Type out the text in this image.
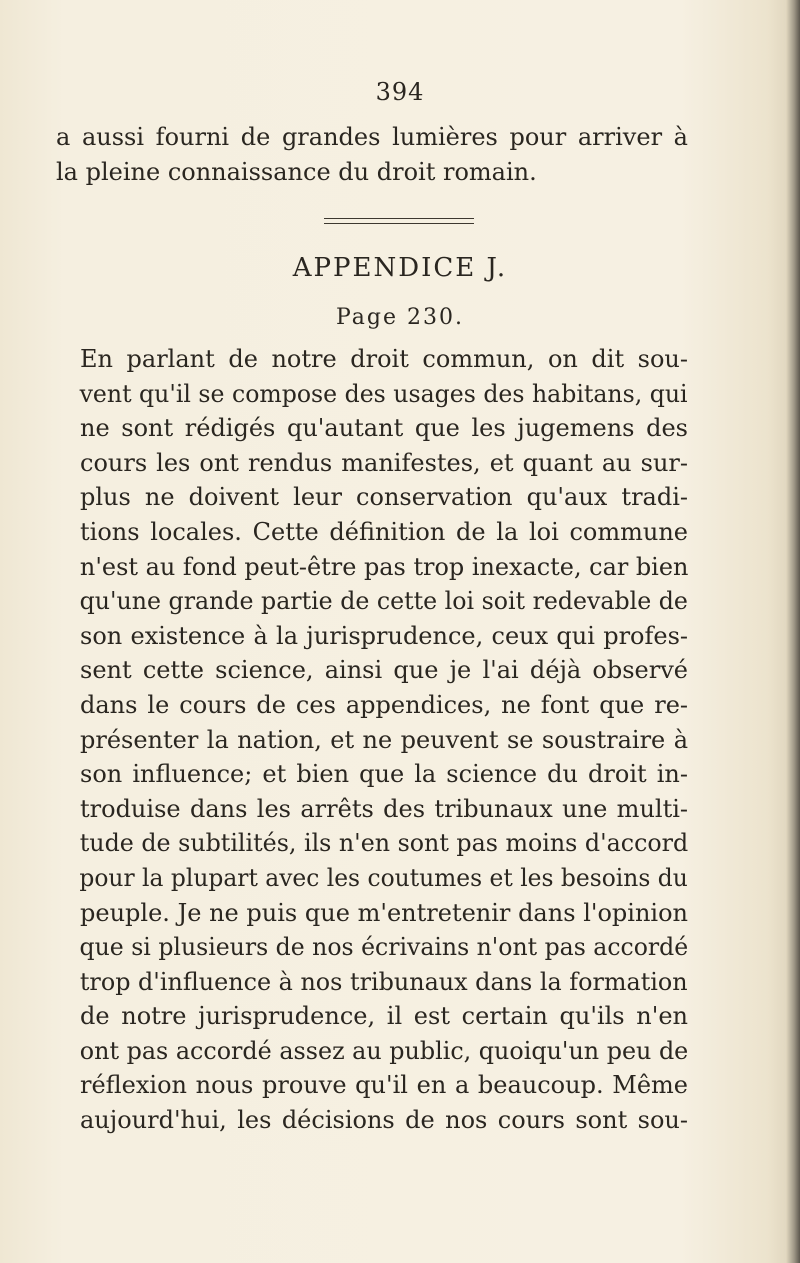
394

a aussi fourni de grandes lumières pour arriver à
la pleine connaissance du droit romain.

APPENDICE J.
Page 230.

En parlant de notre droit commun, on dit sou-
vent qu'il se compose des usages des habitans, qui
ne sont rédigés qu'autant que les jugemens des
cours les ont rendus manifestes, et quant au sur-
plus ne doivent leur conservation qu'aux tradi-
tions locales. Cette définition de la loi commune
n'est au fond peut-être pas trop inexacte, car bien
qu'une grande partie de cette loi soit redevable de
son existence à la jurisprudence, ceux qui profes-
sent cette science, ainsi que je l'ai déjà observé
dans le cours de ces appendices, ne font que re-
présenter la nation, et ne peuvent se soustraire à
son influence; et bien que la science du droit in-
troduise dans les arrêts des tribunaux une multi-
tude de subtilités, ils n'en sont pas moins d'accord
pour la plupart avec les coutumes et les besoins du
peuple. Je ne puis que m'entretenir dans l'opinion
que si plusieurs de nos écrivains n'ont pas accordé
trop d'influence à nos tribunaux dans la formation
de notre jurisprudence, il est certain qu'ils n'en
ont pas accordé assez au public, quoiqu'un peu de
réflexion nous prouve qu'il en a beaucoup. Même
aujourd'hui, les décisions de nos cours sont sou-
